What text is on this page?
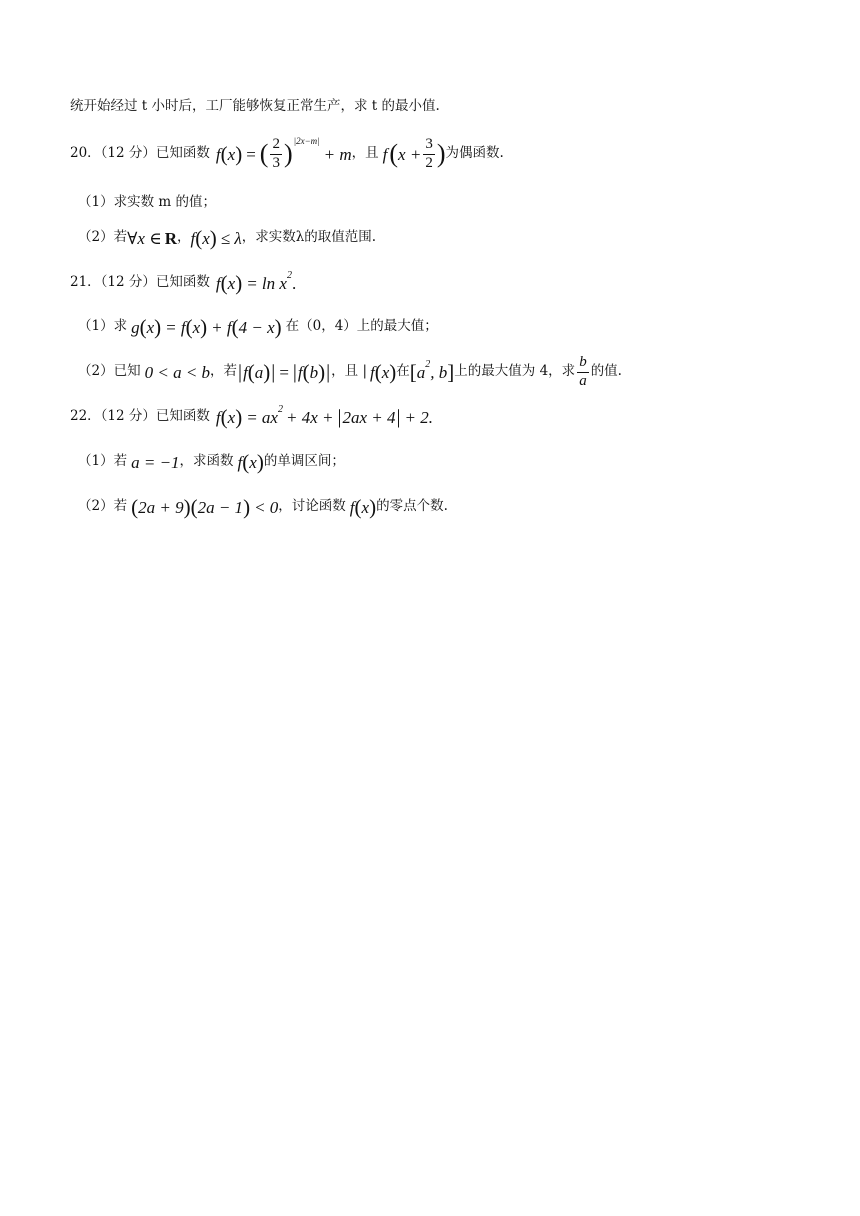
统开始经过 t 小时后，工厂能够恢复正常生产，求 t 的最小值.
20．（12 分）已知函数 f ( x ) = ( $\frac{2}{3}$ ) |2x−m|
+ m ，且 f ( $x + \frac{3}{2}$ ) 为偶函数.
（1）求实数 m 的值；
（2）若 ∀x ∈ R ， f ( x ) ≤ λ ，求实数λ的取值范围.
21．（12 分）已知函数 f ( x ) = ln x 2 .
（1）求 g ( x ) = f ( x ) + f ( 4 − x ) 在（0，4）上的最大值；
（2）已知 0 < a < b ，若 | f ( a ) | = | f ( b ) | ，且 | f ( x ) 在 [ a 2 , b ] 上的最大值为 4，求 $\frac{b}{a}$ 的值.
22．（12 分）已知函数 f ( x ) = ax 2 + 4x + | 2ax + 4 | + 2.
（1）若 a = −1 ，求函数 f ( x ) 的单调区间；
（2）若 ( 2a + 9 ) ( 2a − 1 ) < 0 ，讨论函数 f ( x ) 的零点个数.
